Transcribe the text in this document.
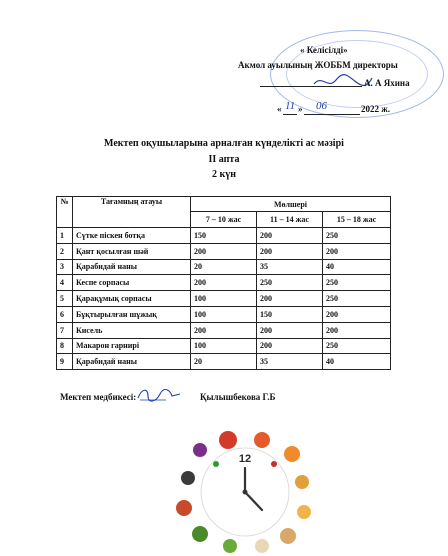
« Келісілді»
Акмол ауылының ЖОББМ директоры
А. А Яхина
« 11 » 06	2022 ж.
Мектеп оқушыларына арналған күнделікті ас мәзірі
II апта
2 күн
№	Тағамның атауы	Мөлшері		
		7 – 10 жас	11 – 14 жас	15 – 18 жас
1	Сүтке піскен ботқа	150	200	250
2	Қант қосылған шәй	200	200	200
3	Қарабидай наны	20	35	40
4	Кеспе сорпасы	200	250	250
5	Қарақұмық сорпасы	100	200	250
6	Бұқтырылған шұжық	100	150	200
7	Кисель	200	200	200
8	Макарон гарнирі	100	200	250
9	Қарабидай наны	20	35	40
Мектеп медбикесі:	Қылышбекова Г.Б
12
